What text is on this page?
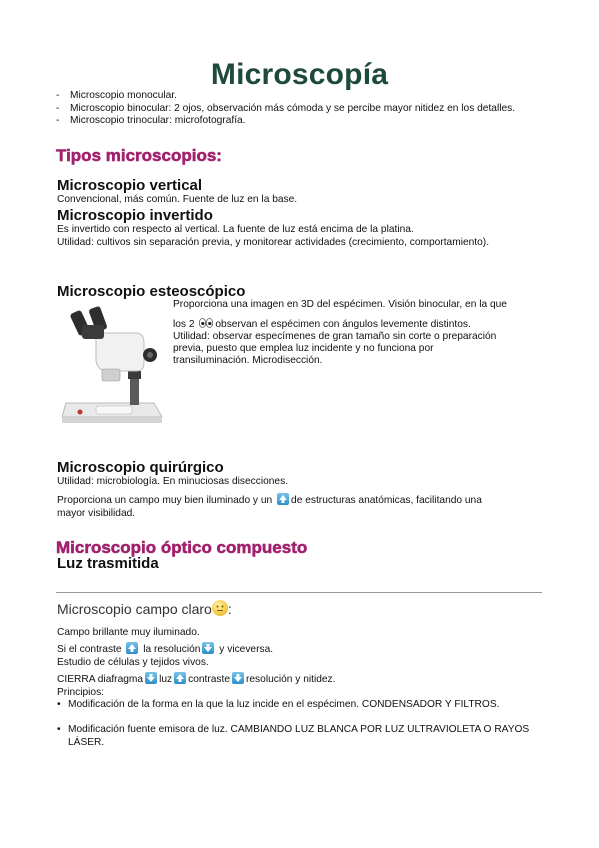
Microscopía
- Microscopio monocular.
- Microscopio binocular: 2 ojos, observación más cómoda y se percibe mayor nitidez en los detalles.
- Microscopio trinocular: microfotografía.
Tipos microscopios:
Microscopio vertical
Convencional, más común. Fuente de luz en la base.
Microscopio invertido
Es invertido con respecto al vertical. La fuente de luz está encima de la platina.
Utilidad: cultivos sin separación previa, y monitorear actividades (crecimiento, comportamiento).
Microscopio esteoscópico
Proporciona una imagen en 3D del espécimen. Visión binocular, en la que
los 2 observan el espécimen con ángulos levemente distintos.
Utilidad: observar especímenes de gran tamaño sin corte o preparación
previa, puesto que emplea luz incidente y no funciona por
transiluminación. Microdisección.
Microscopio quirúrgico
Utilidad: microbiología. En minuciosas disecciones.
Proporciona un campo muy bien iluminado y un de estructuras anatómicas, facilitando una
mayor visibilidad.
Microscopio óptico compuesto
Luz trasmitida
Microscopio campo claro :
Campo brillante muy iluminado.
Si el contraste la resolución y viceversa.
Estudio de células y tejidos vivos.
CIERRA diafragma luz contraste resolución y nitidez.
Principios:
• Modificación de la forma en la que la luz incide en el espécimen. CONDENSADOR Y FILTROS.
• Modificación fuente emisora de luz. CAMBIANDO LUZ BLANCA POR LUZ ULTRAVIOLETA O RAYOS LÁSER.
